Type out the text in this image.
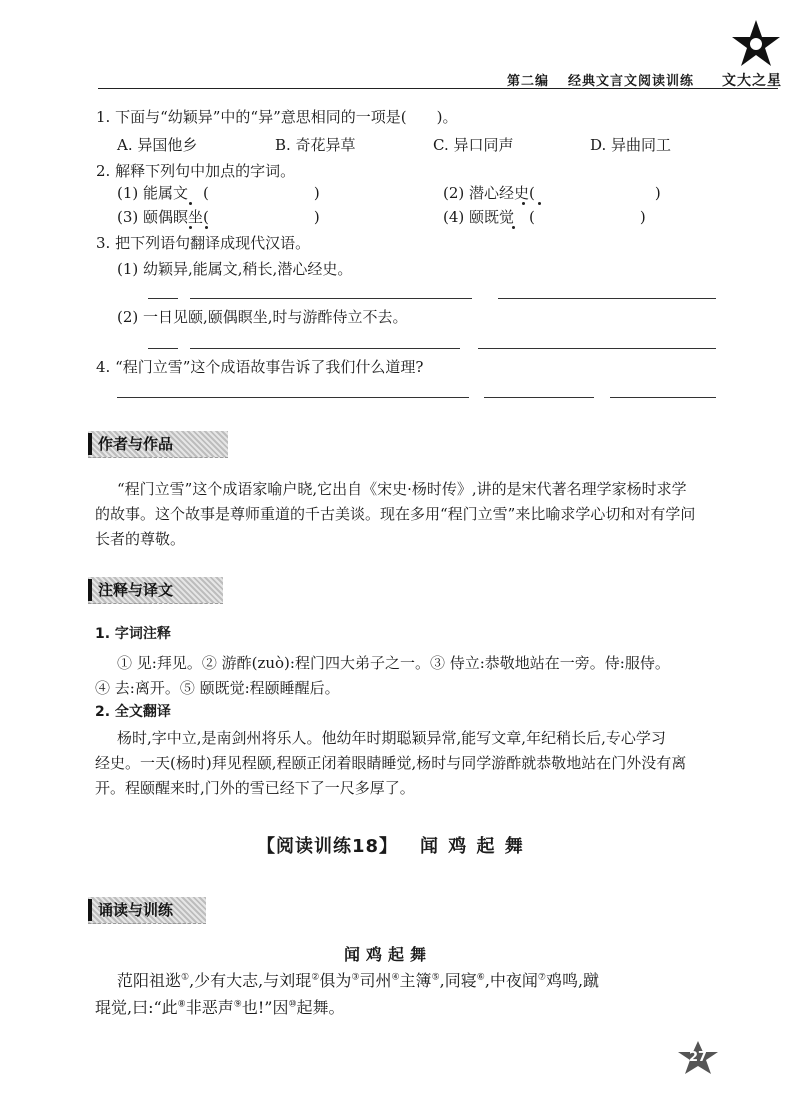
第二编 经典文言文阅读训练 文大之星
1. 下面与“幼颖异”中的“异”意思相同的一项是(　　)。
A. 异国他乡	B. 奇花异草	C. 异口同声	D. 异曲同工
2. 解释下列句中加点的字词。
(1) 能属文　(　　　　　　　)	(2) 潜心经史(　　　　　　　　)
(3) 颐偶瞑坐(　　　　　　　)	(4) 颐既觉　(　　　　　　　)
3. 把下列语句翻译成现代汉语。
(1) 幼颖异,能属文,稍长,潜心经史。
(2) 一日见颐,颐偶瞑坐,时与游酢侍立不去。
4. “程门立雪”这个成语故事告诉了我们什么道理?
作者与作品
“程门立雪”这个成语家喻户晓,它出自《宋史·杨时传》,讲的是宋代著名理学家杨时求学
的故事。这个故事是尊师重道的千古美谈。现在多用“程门立雪”来比喻求学心切和对有学问
长者的尊敬。
注释与译文
1. 字词注释
① 见:拜见。② 游酢(zuò):程门四大弟子之一。③ 侍立:恭敬地站在一旁。侍:服侍。
④ 去:离开。⑤ 颐既觉:程颐睡醒后。
2. 全文翻译
杨时,字中立,是南剑州将乐人。他幼年时期聪颖异常,能写文章,年纪稍长后,专心学习
经史。一天(杨时)拜见程颐,程颐正闭着眼睛睡觉,杨时与同学游酢就恭敬地站在门外没有离
开。程颐醒来时,门外的雪已经下了一尺多厚了。
【阅读训练18】 闻 鸡 起 舞
诵读与训练
闻鸡起舞
范阳祖逖①,少有大志,与刘琨②俱为③司州④主簿⑤,同寝⑥,中夜闻⑦鸡鸣,蹴
琨觉,曰:“此⑧非恶声⑨也!”因⑩起舞。
27
